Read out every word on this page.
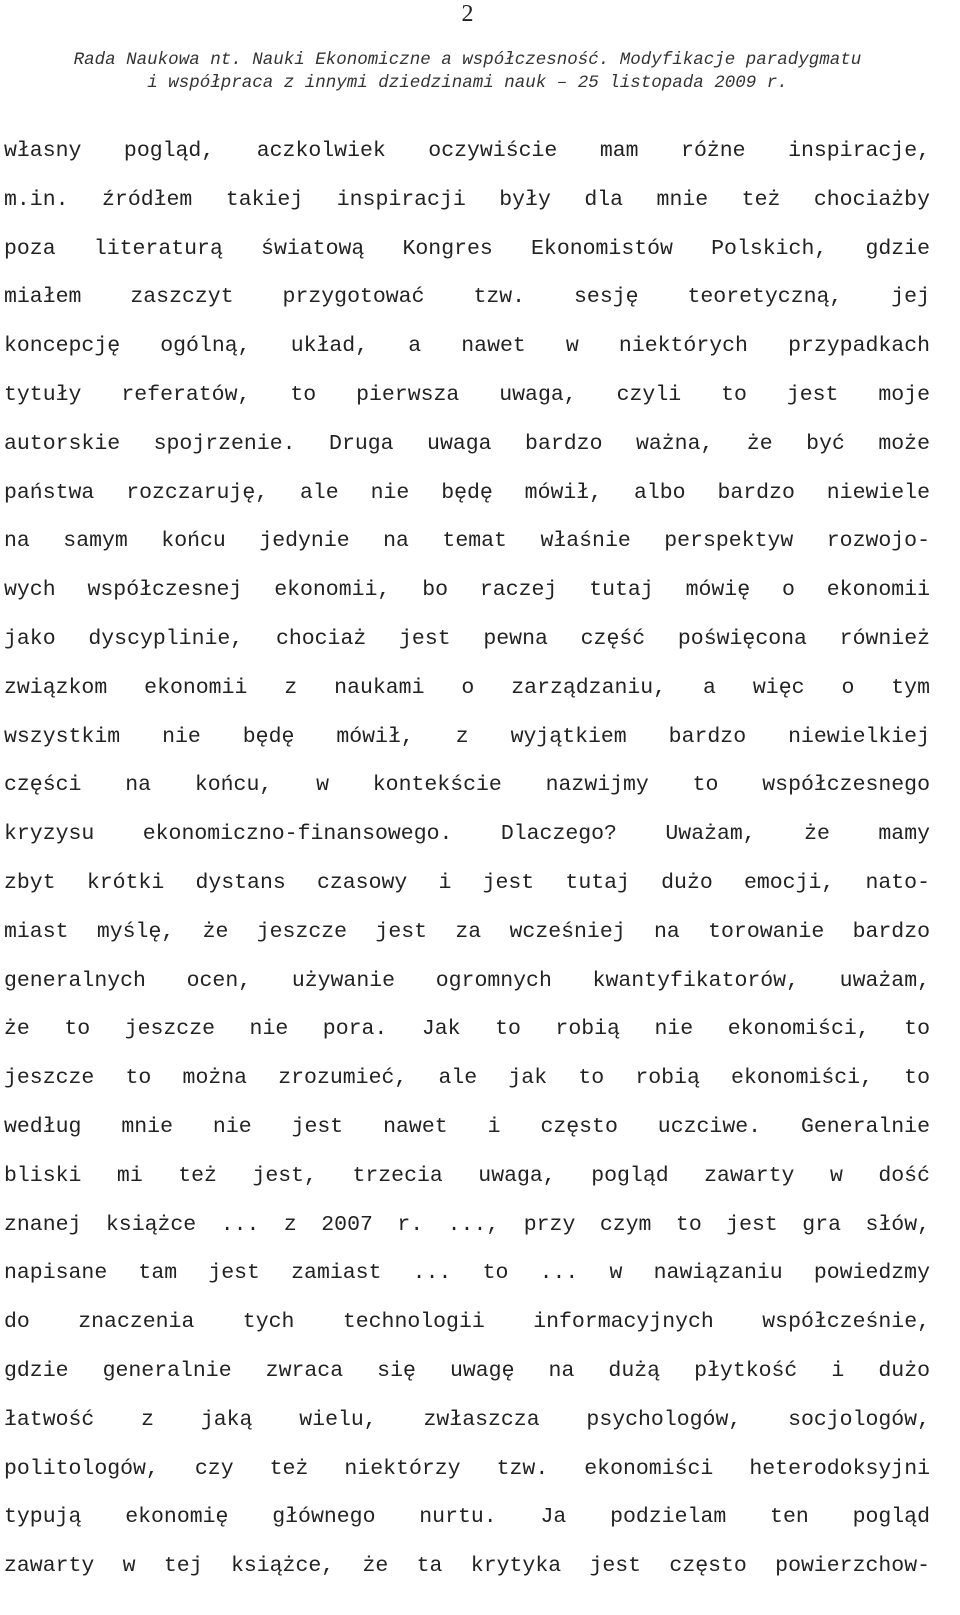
2
Rada Naukowa nt. Nauki Ekonomiczne a współczesność. Modyfikacje paradygmatu
i współpraca z innymi dziedzinami nauk – 25 listopada 2009 r.
własny pogląd, aczkolwiek oczywiście mam różne inspiracje,
m.in. źródłem takiej inspiracji były dla mnie też chociażby
poza literaturą światową Kongres Ekonomistów Polskich, gdzie
miałem zaszczyt przygotować tzw. sesję teoretyczną, jej
koncepcję ogólną, układ, a nawet w niektórych przypadkach
tytuły referatów, to pierwsza uwaga, czyli to jest moje
autorskie spojrzenie. Druga uwaga bardzo ważna, że być może
państwa rozczaruję, ale nie będę mówił, albo bardzo niewiele
na samym końcu jedynie na temat właśnie perspektyw rozwojo-
wych współczesnej ekonomii, bo raczej tutaj mówię o ekonomii
jako dyscyplinie, chociaż jest pewna część poświęcona również
związkom ekonomii z naukami o zarządzaniu, a więc o tym
wszystkim nie będę mówił, z wyjątkiem bardzo niewielkiej
części na końcu, w kontekście nazwijmy to współczesnego
kryzysu ekonomiczno-finansowego. Dlaczego? Uważam, że mamy
zbyt krótki dystans czasowy i jest tutaj dużo emocji, nato-
miast myślę, że jeszcze jest za wcześniej na torowanie bardzo
generalnych ocen, używanie ogromnych kwantyfikatorów, uważam,
że to jeszcze nie pora. Jak to robią nie ekonomiści, to
jeszcze to można zrozumieć, ale jak to robią ekonomiści, to
według mnie nie jest nawet i często uczciwe. Generalnie
bliski mi też jest, trzecia uwaga, pogląd zawarty w dość
znanej książce ... z 2007 r. ..., przy czym to jest gra słów,
napisane tam jest zamiast ... to ... w nawiązaniu powiedzmy
do znaczenia tych technologii informacyjnych współcześnie,
gdzie generalnie zwraca się uwagę na dużą płytkość i dużo
łatwość z jaką wielu, zwłaszcza psychologów, socjologów,
politologów, czy też niektórzy tzw. ekonomiści heterodoksyjni
typują ekonomię głównego nurtu. Ja podzielam ten pogląd
zawarty w tej książce, że ta krytyka jest często powierzchow-
